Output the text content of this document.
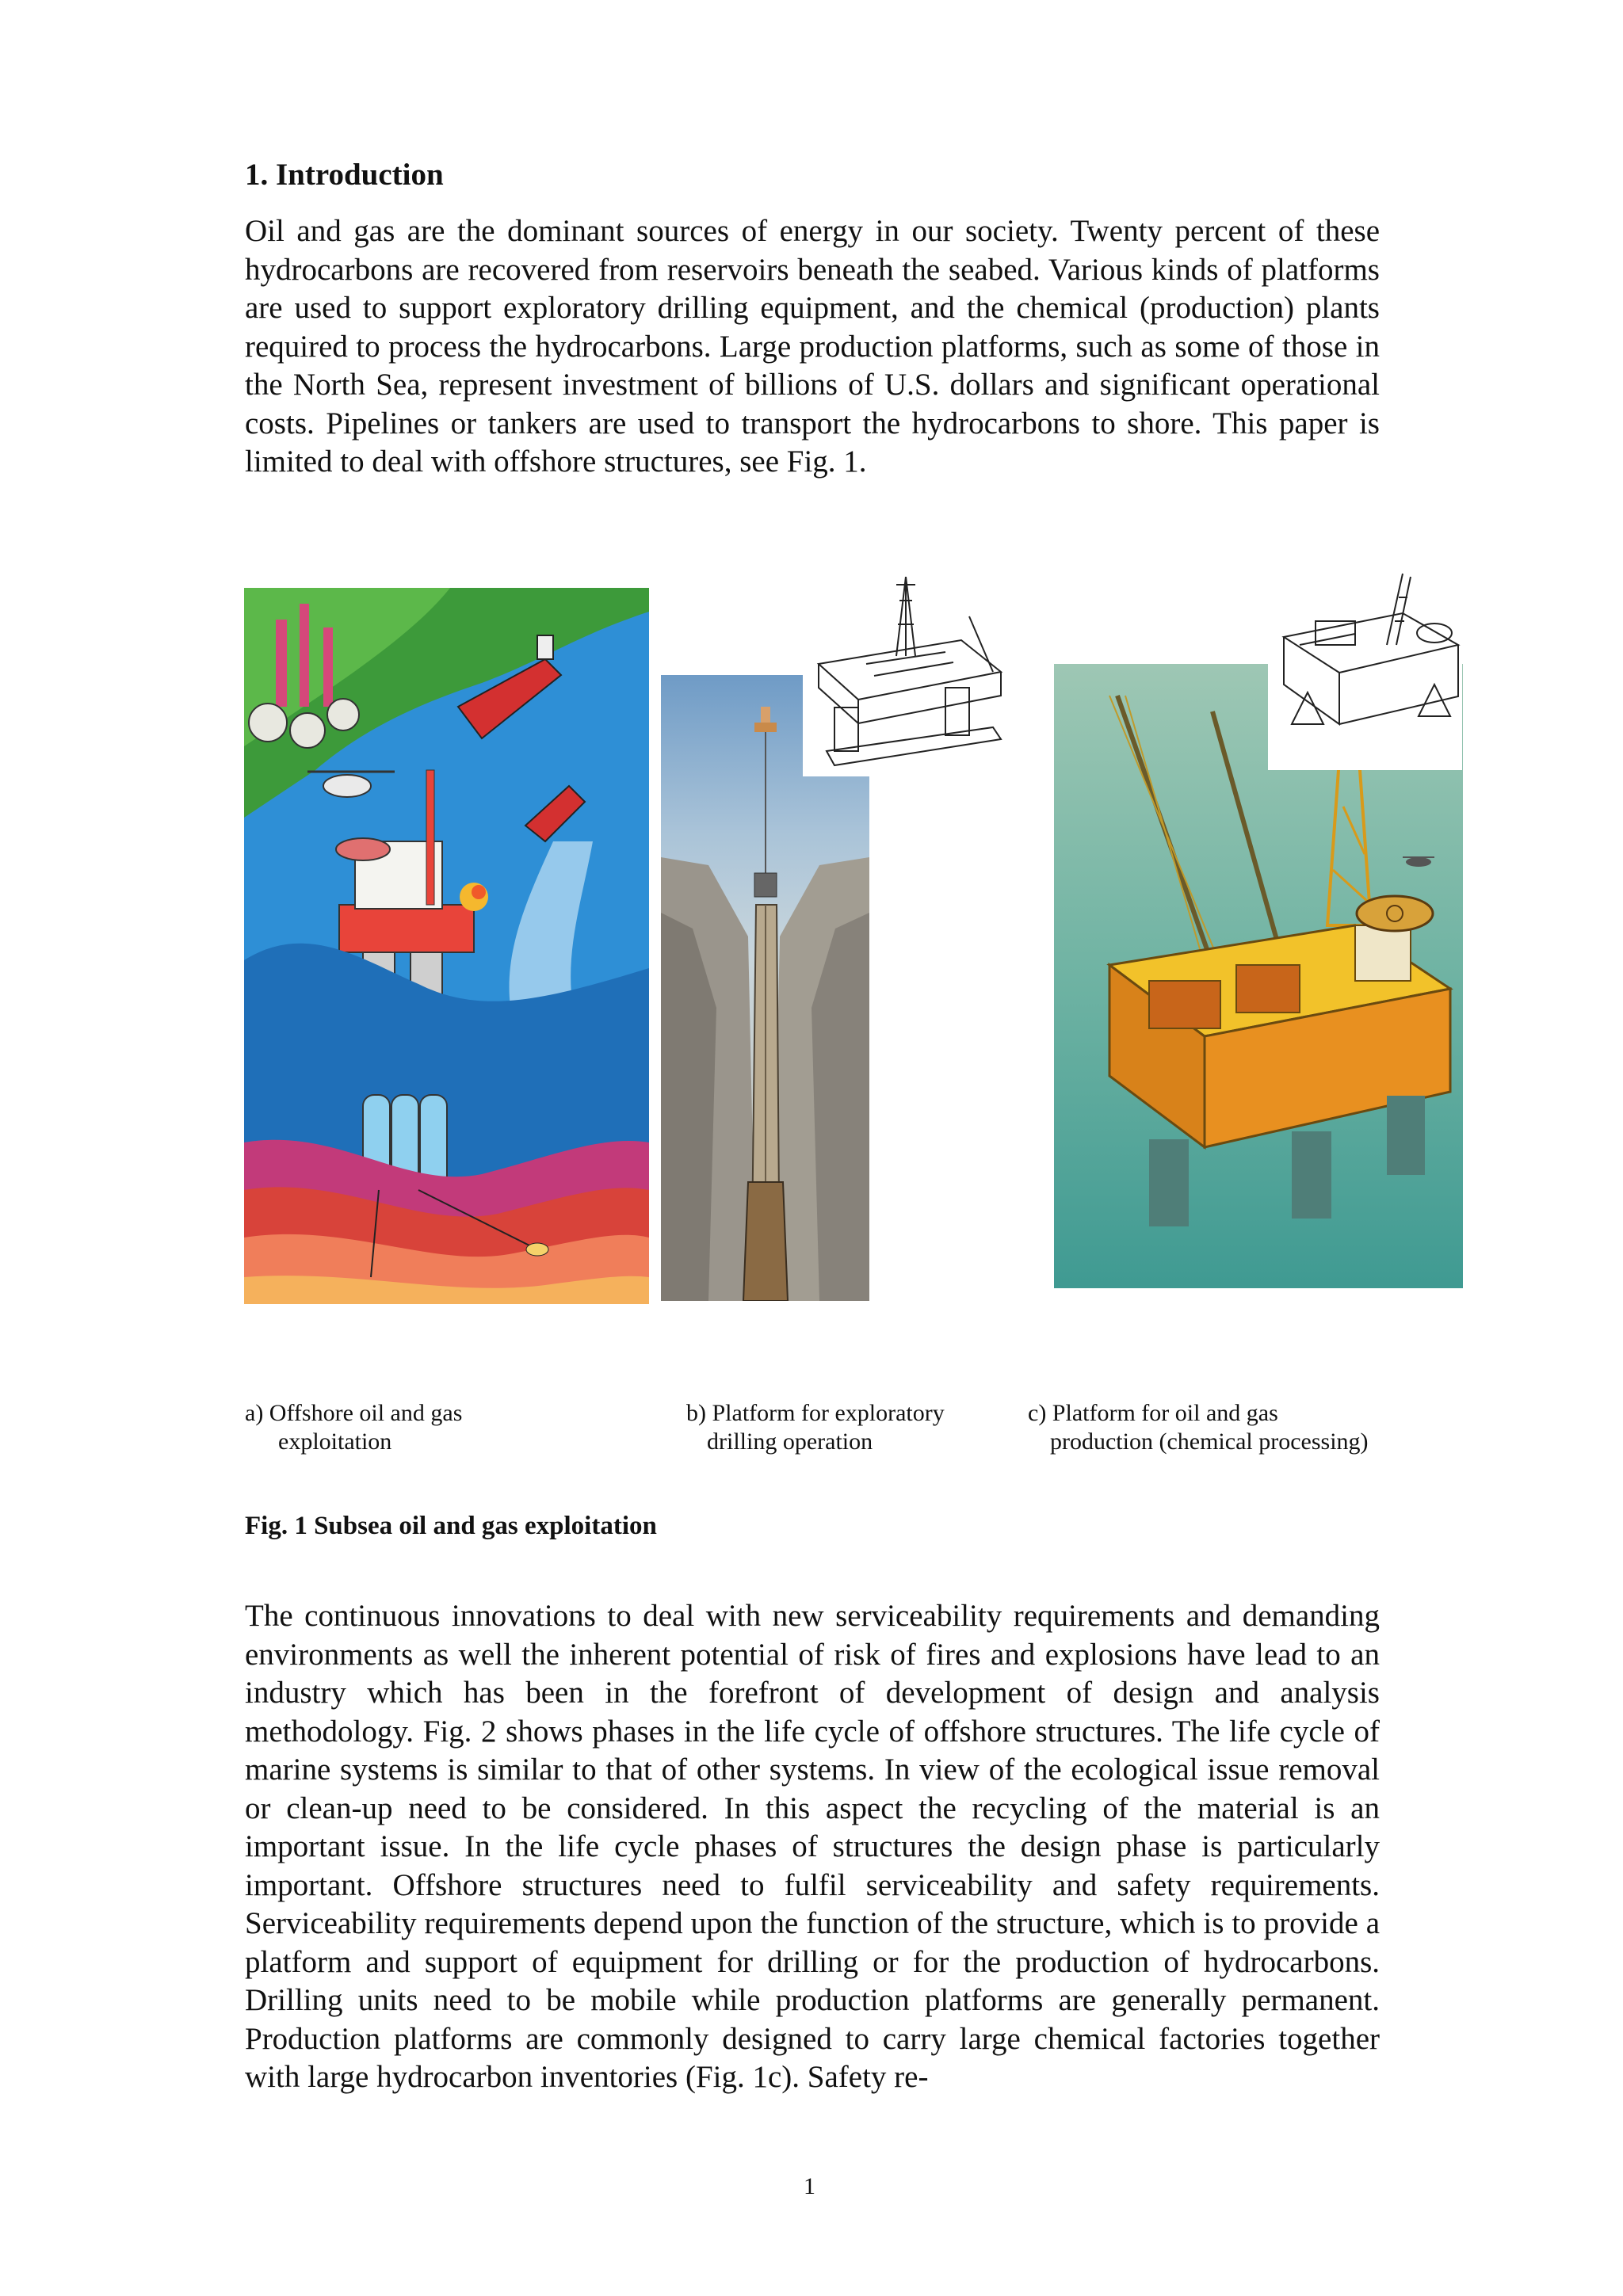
1. Introduction
Oil and gas are the dominant sources of energy in our society. Twenty percent of these hydrocarbons are recovered from reservoirs beneath the seabed. Various kinds of platforms are used to support exploratory drilling equipment, and the chemical (production) plants required to process the hydrocarbons. Large production platforms, such as some of those in the North Sea, represent investment of billions of U.S. dollars and significant operational costs. Pipelines or tankers are used to transport the hydrocarbons to shore. This paper is limited to deal with offshore structures, see Fig. 1.
a) Offshore oil and gas
exploitation
b) Platform for exploratory
drilling operation
c) Platform for oil and gas
production (chemical processing)
Fig. 1 Subsea oil and gas exploitation
The continuous innovations to deal with new serviceability requirements and demanding environments as well the inherent potential of risk of fires and explosions have lead to an industry which has been in the forefront of development of design and analysis methodology. Fig. 2 shows phases in the life cycle of offshore structures. The life cycle of marine systems is similar to that of other systems. In view of the ecological issue removal or clean-up need to be considered. In this aspect the recycling of the material is an important issue. In the life cycle phases of structures the design phase is particularly important. Offshore structures need to fulfil serviceability and safety requirements. Serviceability requirements depend upon the function of the structure, which is to provide a platform and support of equipment for drilling or for the production of hydrocarbons. Drilling units need to be mobile while production platforms are generally permanent. Production platforms are commonly designed to carry large chemical factories together with large hydrocarbon inventories (Fig. 1c). Safety re-
1
